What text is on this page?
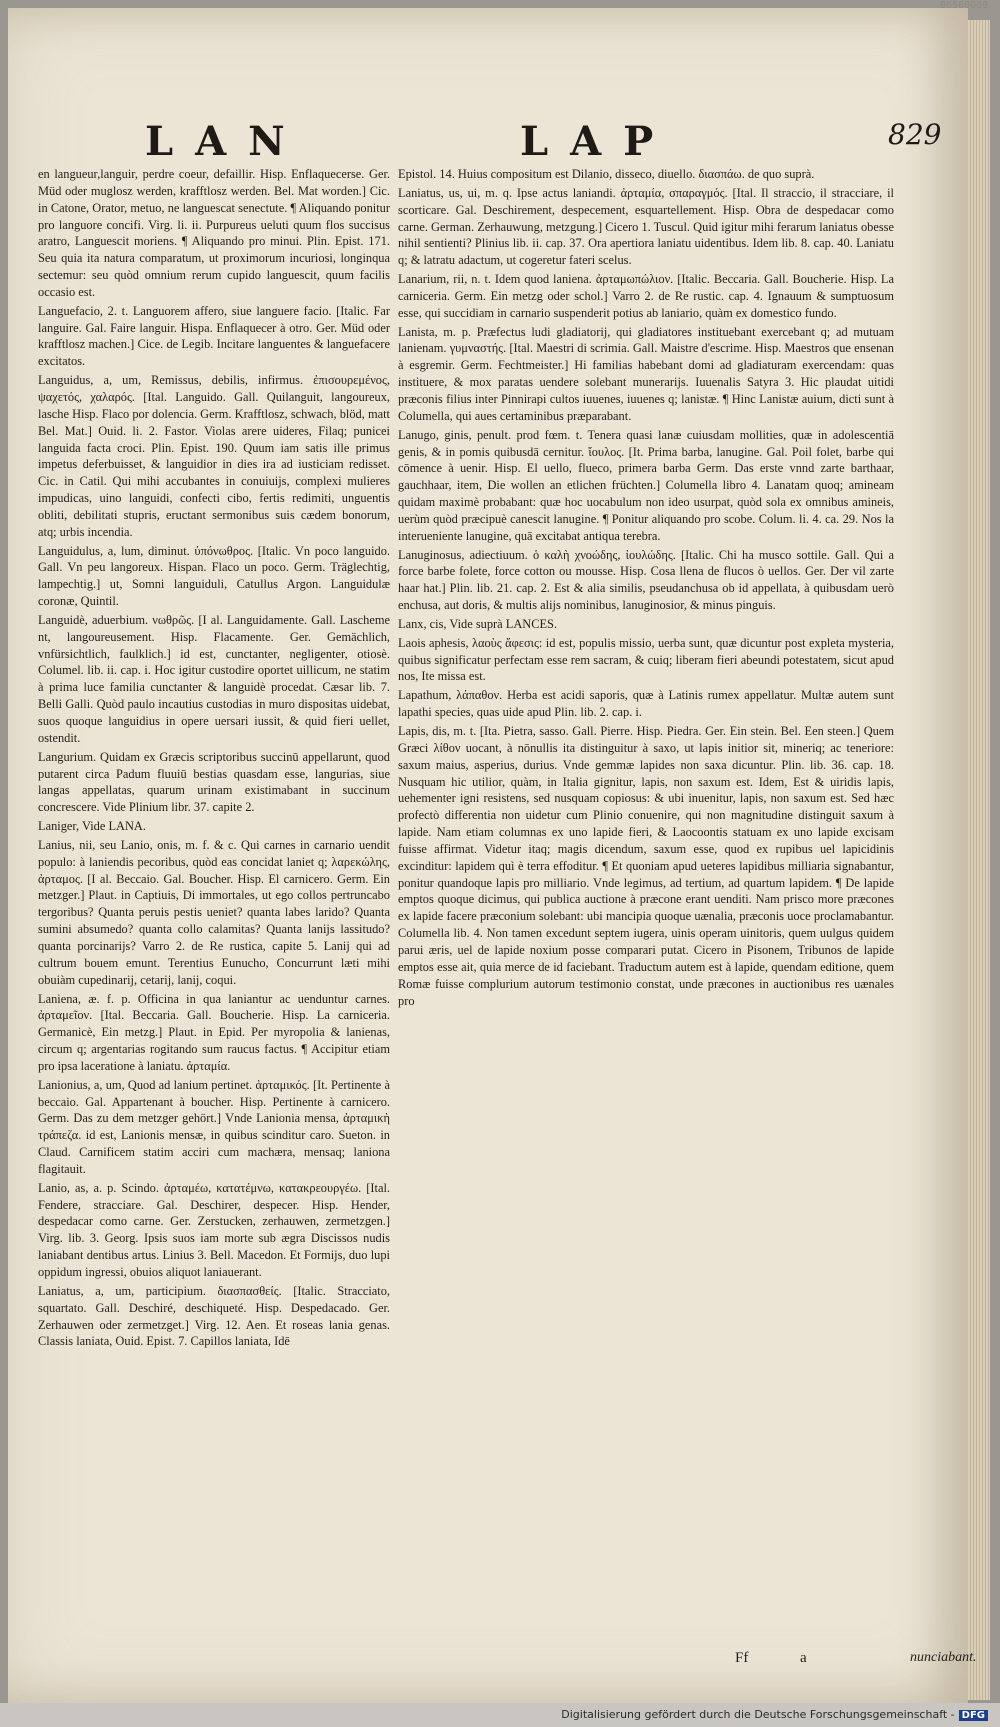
06560000
LAN	LAP	829

en langueur,languir, perdre coeur, defaillir. Hisp. Enflaquecerse. Ger. Müd oder muglosz werden, krafftlosz werden. Bel. Mat worden.] Cic. in Catone, Orator, metuo, ne languescat senectute. ¶ Aliquando ponitur pro languore concifi. Virg. li. ii. Purpureus ueluti quum flos succisus aratro, Languescit moriens. ¶ Aliquando pro minui. Plin. Epist. 171. Seu quia ita natura comparatum, ut proximorum incuriosi, longinqua sectemur: seu quòd omnium rerum cupido languescit, quum facilis occasio est.

Languefacio, 2. t. Languorem affero, siue languere facio. [Italic. Far languire. Gal. Faire languir. Hispa. Enflaquecer à otro. Ger. Müd oder krafftlosz machen.] Cice. de Legib. Incitare languentes & languefacere excitatos.

Languidus, a, um, Remissus, debilis, infirmus. ἐπισουρεμένος, ψαχετός, χαλαρός. [Ital. Languido. Gall. Quilanguit, langoureux, lasche Hisp. Flaco por dolencia. Germ. Krafftlosz, schwach, blöd, matt Bel. Mat.] Ouid. li. 2. Fastor. Violas arere uideres, Filaq; punicei languida facta croci. Plin. Epist. 190. Quum iam satis ille primus impetus deferbuisset, & languidior in dies ira ad iusticiam redisset. Cic. in Catil. Qui mihi accubantes in conuiuijs, complexi mulieres impudicas, uino languidi, confecti cibo, fertis redimiti, unguentis obliti, debilitati stupris, eructant sermonibus suis cædem bonorum, atq; urbis incendia.

Languidulus, a, lum, diminut. ὑπόνωθρος. [Italic. Vn poco languido. Gall. Vn peu langoreux. Hispan. Flaco un poco. Germ. Träglechtig, lampechtig.] ut, Somni languiduli, Catullus Argon. Languidulæ coronæ, Quintil.

Languidè, aduerbium. νωθρῶς. [I al. Languidamente. Gall. Lascheme nt, langoureusement. Hisp. Flacamente. Ger. Gemächlich, vnfürsichtlich, faulklich.] id est, cunctanter, negligenter, otiosè. Columel. lib. ii. cap. i. Hoc igitur custodire oportet uillicum, ne statim à prima luce familia cunctanter & languidè procedat. Cæsar lib. 7. Belli Galli. Quòd paulo incautius custodias in muro dispositas uidebat, suos quoque languidius in opere uersari iussit, & quid fieri uellet, ostendit.

Langurium. Quidam ex Græcis scriptoribus succinū appellarunt, quod putarent circa Padum fluuiū bestias quasdam esse, langurias, siue langas appellatas, quarum urinam existimabant in succinum concrescere. Vide Plinium libr. 37. capite 2.

Laniger, Vide LANA.

Lanius, nii, seu Lanio, onis, m. f. & c. Qui carnes in carnario uendit populo: à laniendis pecoribus, quòd eas concidat laniet q; λαρεκώλης, ἀρταμος. [I al. Beccaio. Gal. Boucher. Hisp. El carnicero. Germ. Ein metzger.] Plaut. in Captiuis, Di immortales, ut ego collos pertruncabo tergoribus? Quanta peruis pestis ueniet? quanta labes larido? Quanta sumini absumedo? quanta collo calamitas? Quanta lanijs lassitudo? quanta porcinarijs? Varro 2. de Re rustica, capite 5. Lanij qui ad cultrum bouem emunt. Terentius Eunucho, Concurrunt læti mihi obuiàm cupedinarij, cetarij, lanij, coqui.

Laniena, æ. f. p. Officina in qua laniantur ac uenduntur carnes. ἀρταμεῖον. [Ital. Beccaria. Gall. Boucherie. Hisp. La carniceria. Germanicè, Ein metzg.] Plaut. in Epid. Per myropolia & lanienas, circum q; argentarias rogitando sum raucus factus. ¶ Accipitur etiam pro ipsa laceratione à laniatu. ἀρταμία.

Lanionius, a, um, Quod ad lanium pertinet. ἀρταμικός. [It. Pertinente à beccaio. Gal. Appartenant à boucher. Hisp. Pertinente à carnicero. Germ. Das zu dem metzger gehört.] Vnde Lanionia mensa, ἀρταμικὴ τράπεζα. id est, Lanionis mensæ, in quibus scinditur caro. Sueton. in Claud. Carnificem statim acciri cum machæra, mensaq; laniona flagitauit.

Lanio, as, a. p. Scindo. ἀρταμέω, κατατέμνω, κατακρεουργέω. [Ital. Fendere, stracciare. Gal. Deschirer, despecer. Hisp. Hender, despedacar como carne. Ger. Zerstucken, zerhauwen, zermetzgen.] Virg. lib. 3. Georg. Ipsis suos iam morte sub ægra Discissos nudis laniabant dentibus artus. Linius 3. Bell. Macedon. Et Formijs, duo lupi oppidum ingressi, obuios aliquot laniauerant.

Laniatus, a, um, participium. διασπασθείς. [Italic. Stracciato, squartato. Gall. Deschiré, deschiqueté. Hisp. Despedacado. Ger. Zerhauwen oder zermetzget.] Virg. 12. Aen. Et roseas lania genas. Classis laniata, Ouid. Epist. 7. Capillos laniata, Idē

Epistol. 14. Huius compositum est Dilanio, disseco, diuello. διασπάω. de quo suprà.

Laniatus, us, ui, m. q. Ipse actus laniandi. ἀρταμία, σπαραγμός. [Ital. Il straccio, il stracciare, il scorticare. Gal. Deschirement, despecement, esquartellement. Hisp. Obra de despedacar como carne. German. Zerhauwung, metzgung.] Cicero 1. Tuscul. Quid igitur mihi ferarum laniatus obesse nihil sentienti? Plinius lib. ii. cap. 37. Ora apertiora laniatu uidentibus. Idem lib. 8. cap. 40. Laniatu q; & latratu adactum, ut cogeretur fateri scelus.

Lanarium, rii, n. t. Idem quod laniena. ἀρταμωπώλιον. [Italic. Beccaria. Gall. Boucherie. Hisp. La carniceria. Germ. Ein metzg oder schol.] Varro 2. de Re rustic. cap. 4. Ignauum & sumptuosum esse, qui succidiam in carnario suspenderit potius ab laniario, quàm ex domestico fundo.

Lanista, m. p. Præfectus ludi gladiatorij, qui gladiatores instituebant exercebant q; ad mutuam lanienam. γυμναστής. [Ital. Maestri di scrimia. Gall. Maistre d'escrime. Hisp. Maestros que ensenan à esgremir. Germ. Fechtmeister.] Hi familias habebant domi ad gladiaturam exercendam: quas instituere, & mox paratas uendere solebant munerarijs. Iuuenalis Satyra 3. Hic plaudat uitidi præconis filius inter Pinnirapi cultos iuuenes, iuuenes q; lanistæ. ¶ Hinc Lanistæ auium, dicti sunt à Columella, qui aues certaminibus præparabant.

Lanugo, ginis, penult. prod fœm. t. Tenera quasi lanæ cuiusdam mollities, quæ in adolescentiā genis, & in pomis quibusdā cernitur. ἴουλος. [It. Prima barba, lanugine. Gal. Poil folet, barbe qui cōmence à uenir. Hisp. El uello, flueco, primera barba Germ. Das erste vnnd zarte barthaar, gauchhaar, item, Die wollen an etlichen früchten.] Columella libro 4. Lanatam quoq; amineam quidam maximè probabant: quæ hoc uocabulum non ideo usurpat, quòd sola ex omnibus amineis, uerùm quòd præcipuè canescit lanugine. ¶ Ponitur aliquando pro scobe. Colum. li. 4. ca. 29. Nos la interueniente lanugine, quā excitabat antiqua terebra.

Lanuginosus, adiectiuum. ὁ καλὴ χνοώδης, ἰουλώδης. [Italic. Chi ha musco sottile. Gall. Qui a force barbe folete, force cotton ou mousse. Hisp. Cosa llena de flucos ò uellos. Ger. Der vil zarte haar hat.] Plin. lib. 21. cap. 2. Est & alia similis, pseudanchusa ob id appellata, à quibusdam uerò enchusa, aut doris, & multis alijs nominibus, lanuginosior, & minus pinguis.

Lanx, cis, Vide suprà LANCES.

Laois aphesis, λαοὺς ἄφεσις: id est, populis missio, uerba sunt, quæ dicuntur post expleta mysteria, quibus significatur perfectam esse rem sacram, & cuiq; liberam fieri abeundi potestatem, sicut apud nos, Ite missa est.

Lapathum, λάπαθον. Herba est acidi saporis, quæ à Latinis rumex appellatur. Multæ autem sunt lapathi species, quas uide apud Plin. lib. 2. cap. i.

Lapis, dis, m. t. [Ita. Pietra, sasso. Gall. Pierre. Hisp. Piedra. Ger. Ein stein. Bel. Een steen.] Quem Græci λίθον uocant, à nōnullis ita distinguitur à saxo, ut lapis initior sit, mineriq; ac teneriore: saxum maius, asperius, durius. Vnde gemmæ lapides non saxa dicuntur. Plin. lib. 36. cap. 18. Nusquam hic utilior, quàm, in Italia gignitur, lapis, non saxum est. Idem, Est & uiridis lapis, uehementer igni resistens, sed nusquam copiosus: & ubi inuenitur, lapis, non saxum est. Sed hæc profectò differentia non uidetur cum Plinio conuenire, qui non magnitudine distinguit saxum à lapide. Nam etiam columnas ex uno lapide fieri, & Laocoontis statuam ex uno lapide excisam fuisse affirmat. Videtur itaq; magis dicendum, saxum esse, quod ex rupibus uel lapicidinis excinditur: lapidem quì è terra effoditur. ¶ Et quoniam apud ueteres lapidibus milliaria signabantur, ponitur quandoque lapis pro milliario. Vnde legimus, ad tertium, ad quartum lapidem. ¶ De lapide emptos quoque dicimus, qui publica auctione à præcone erant uenditi. Nam prisco more præcones ex lapide facere præconium solebant: ubi mancipia quoque uænalia, præconis uoce proclamabantur. Columella lib. 4. Non tamen excedunt septem iugera, uinis operam uinitoris, quem uulgus quidem parui æris, uel de lapide noxium posse comparari putat. Cicero in Pisonem, Tribunos de lapide emptos esse ait, quia merce de id faciebant. Traductum autem est à lapide, quendam editione, quem Romæ fuisse complurium autorum testimonio constat, unde præcones in auctionibus res uænales pro

Ff	a	nunciabant.
Digitalisierung gefördert durch die Deutsche Forschungsgemeinschaft - DFG
